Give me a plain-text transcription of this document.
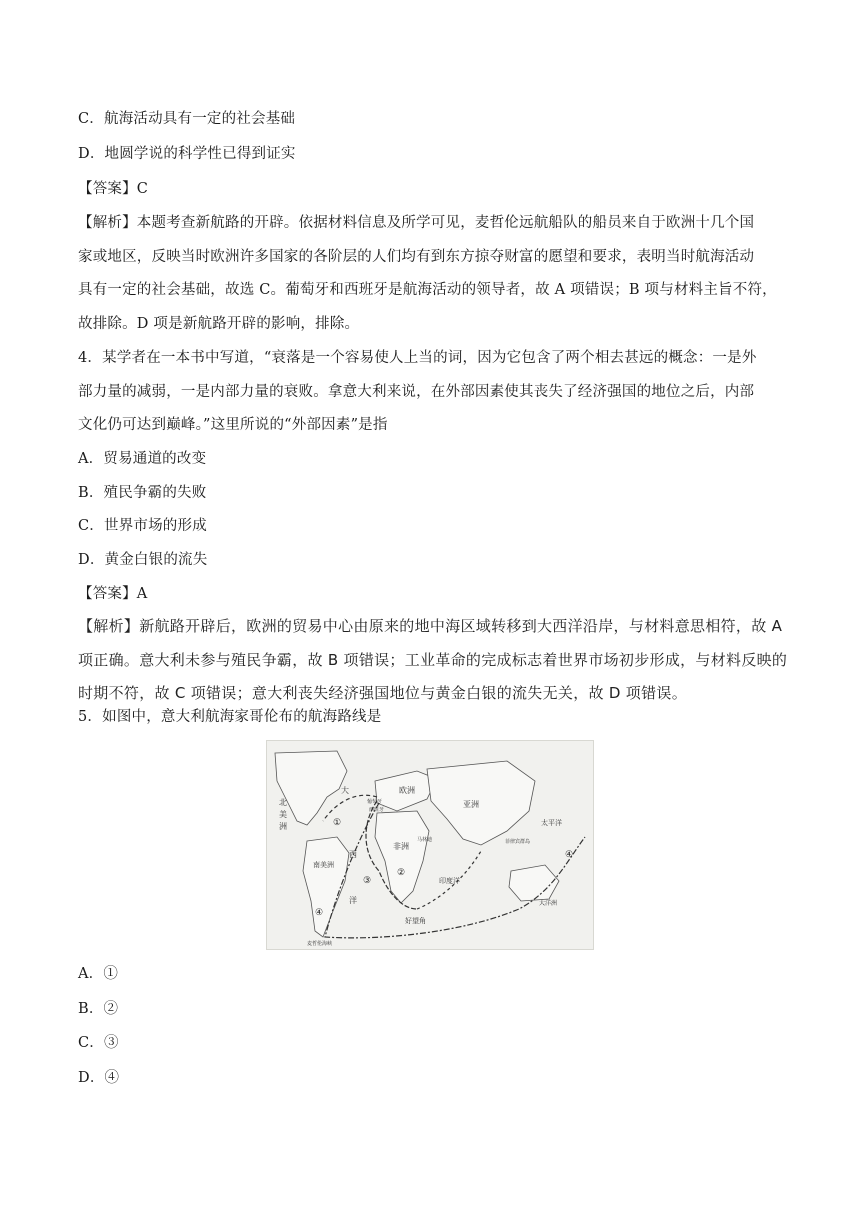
C．航海活动具有一定的社会基础
D．地圆学说的科学性已得到证实
【答案】C
【解析】本题考查新航路的开辟。依据材料信息及所学可见，麦哲伦远航船队的船员来自于欧洲十几个国
家或地区，反映当时欧洲许多国家的各阶层的人们均有到东方掠夺财富的愿望和要求，表明当时航海活动
具有一定的社会基础，故选 C。葡萄牙和西班牙是航海活动的领导者，故 A 项错误；B 项与材料主旨不符，
故排除。D 项是新航路开辟的影响，排除。
4．某学者在一本书中写道，“衰落是一个容易使人上当的词，因为它包含了两个相去甚远的概念：一是外
部力量的减弱，一是内部力量的衰败。拿意大利来说，在外部因素使其丧失了经济强国的地位之后，内部
文化仍可达到巅峰。”这里所说的“外部因素”是指
A．贸易通道的改变
B．殖民争霸的失败
C．世界市场的形成
D．黄金白银的流失
【答案】A
【解析】新航路开辟后，欧洲的贸易中心由原来的地中海区域转移到大西洋沿岸，与材料意思相符，故 A
项正确。意大利未参与殖民争霸，故 B 项错误；工业革命的完成标志着世界市场初步形成，与材料反映的
时期不符，故 C 项错误；意大利丧失经济强国地位与黄金白银的流失无关，故 D 项错误。
5．如图中，意大利航海家哥伦布的航海路线是
北
美
洲
大
西
洋
欧洲
亚洲
非洲
南美洲
印度洋
太平洋
大洋洲
好望角
葡萄牙
西班牙
马林迪	菲律宾群岛
麦哲伦海峡
①
②
③
④
④
A．①
B．②
C．③
D．④
